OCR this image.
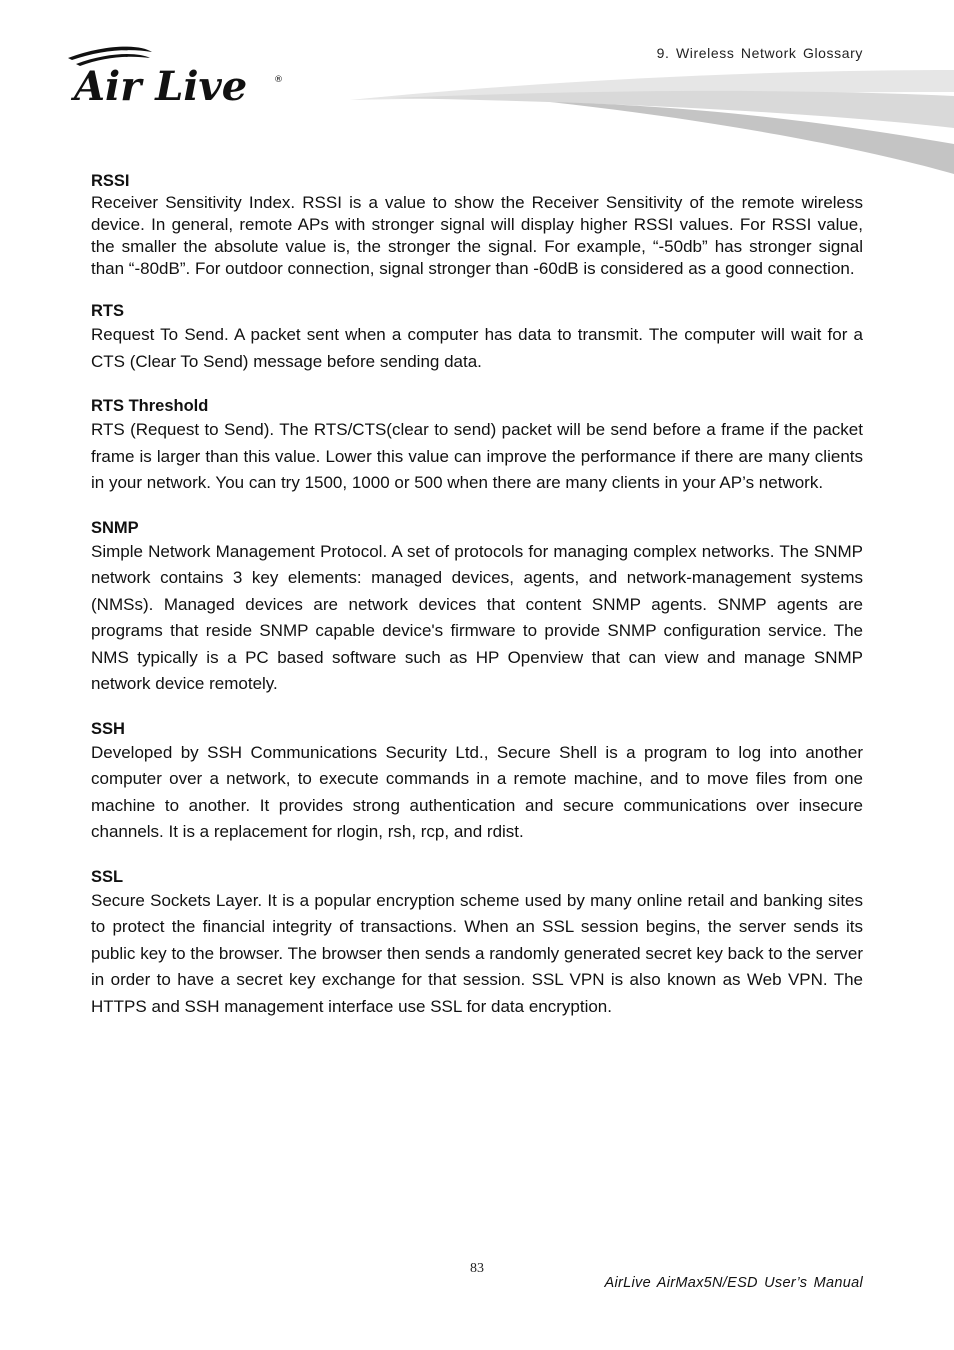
9. Wireless Network Glossary
Air Live	®

RSSI

Receiver Sensitivity Index. RSSI is a value to show the Receiver Sensitivity of the remote wireless device. In general, remote APs with stronger signal will display higher RSSI values. For RSSI value, the smaller the absolute value is, the stronger the signal. For example, “-50db” has stronger signal than “-80dB”. For outdoor connection, signal stronger than -60dB is considered as a good connection.

RTS

Request To Send. A packet sent when a computer has data to transmit. The computer will wait for a CTS (Clear To Send) message before sending data.

RTS Threshold

RTS (Request to Send). The RTS/CTS(clear to send) packet will be send before a frame if the packet frame is larger than this value. Lower this value can improve the performance if there are many clients in your network. You can try 1500, 1000 or 500 when there are many clients in your AP’s network.

SNMP

Simple Network Management Protocol. A set of protocols for managing complex networks. The SNMP network contains 3 key elements: managed devices, agents, and network-management systems (NMSs). Managed devices are network devices that content SNMP agents. SNMP agents are programs that reside SNMP capable device's firmware to provide SNMP configuration service. The NMS typically is a PC based software such as HP Openview that can view and manage SNMP network device remotely.

SSH

Developed by SSH Communications Security Ltd., Secure Shell is a program to log into another computer over a network, to execute commands in a remote machine, and to move files from one machine to another. It provides strong authentication and secure communications over insecure channels. It is a replacement for rlogin, rsh, rcp, and rdist.

SSL

Secure Sockets Layer. It is a popular encryption scheme used by many online retail and banking sites to protect the financial integrity of transactions. When an SSL session begins, the server sends its public key to the browser. The browser then sends a randomly generated secret key back to the server in order to have a secret key exchange for that session. SSL VPN is also known as Web VPN. The HTTPS and SSH management interface use SSL for data encryption.

83
AirLive AirMax5N/ESD User’s Manual
